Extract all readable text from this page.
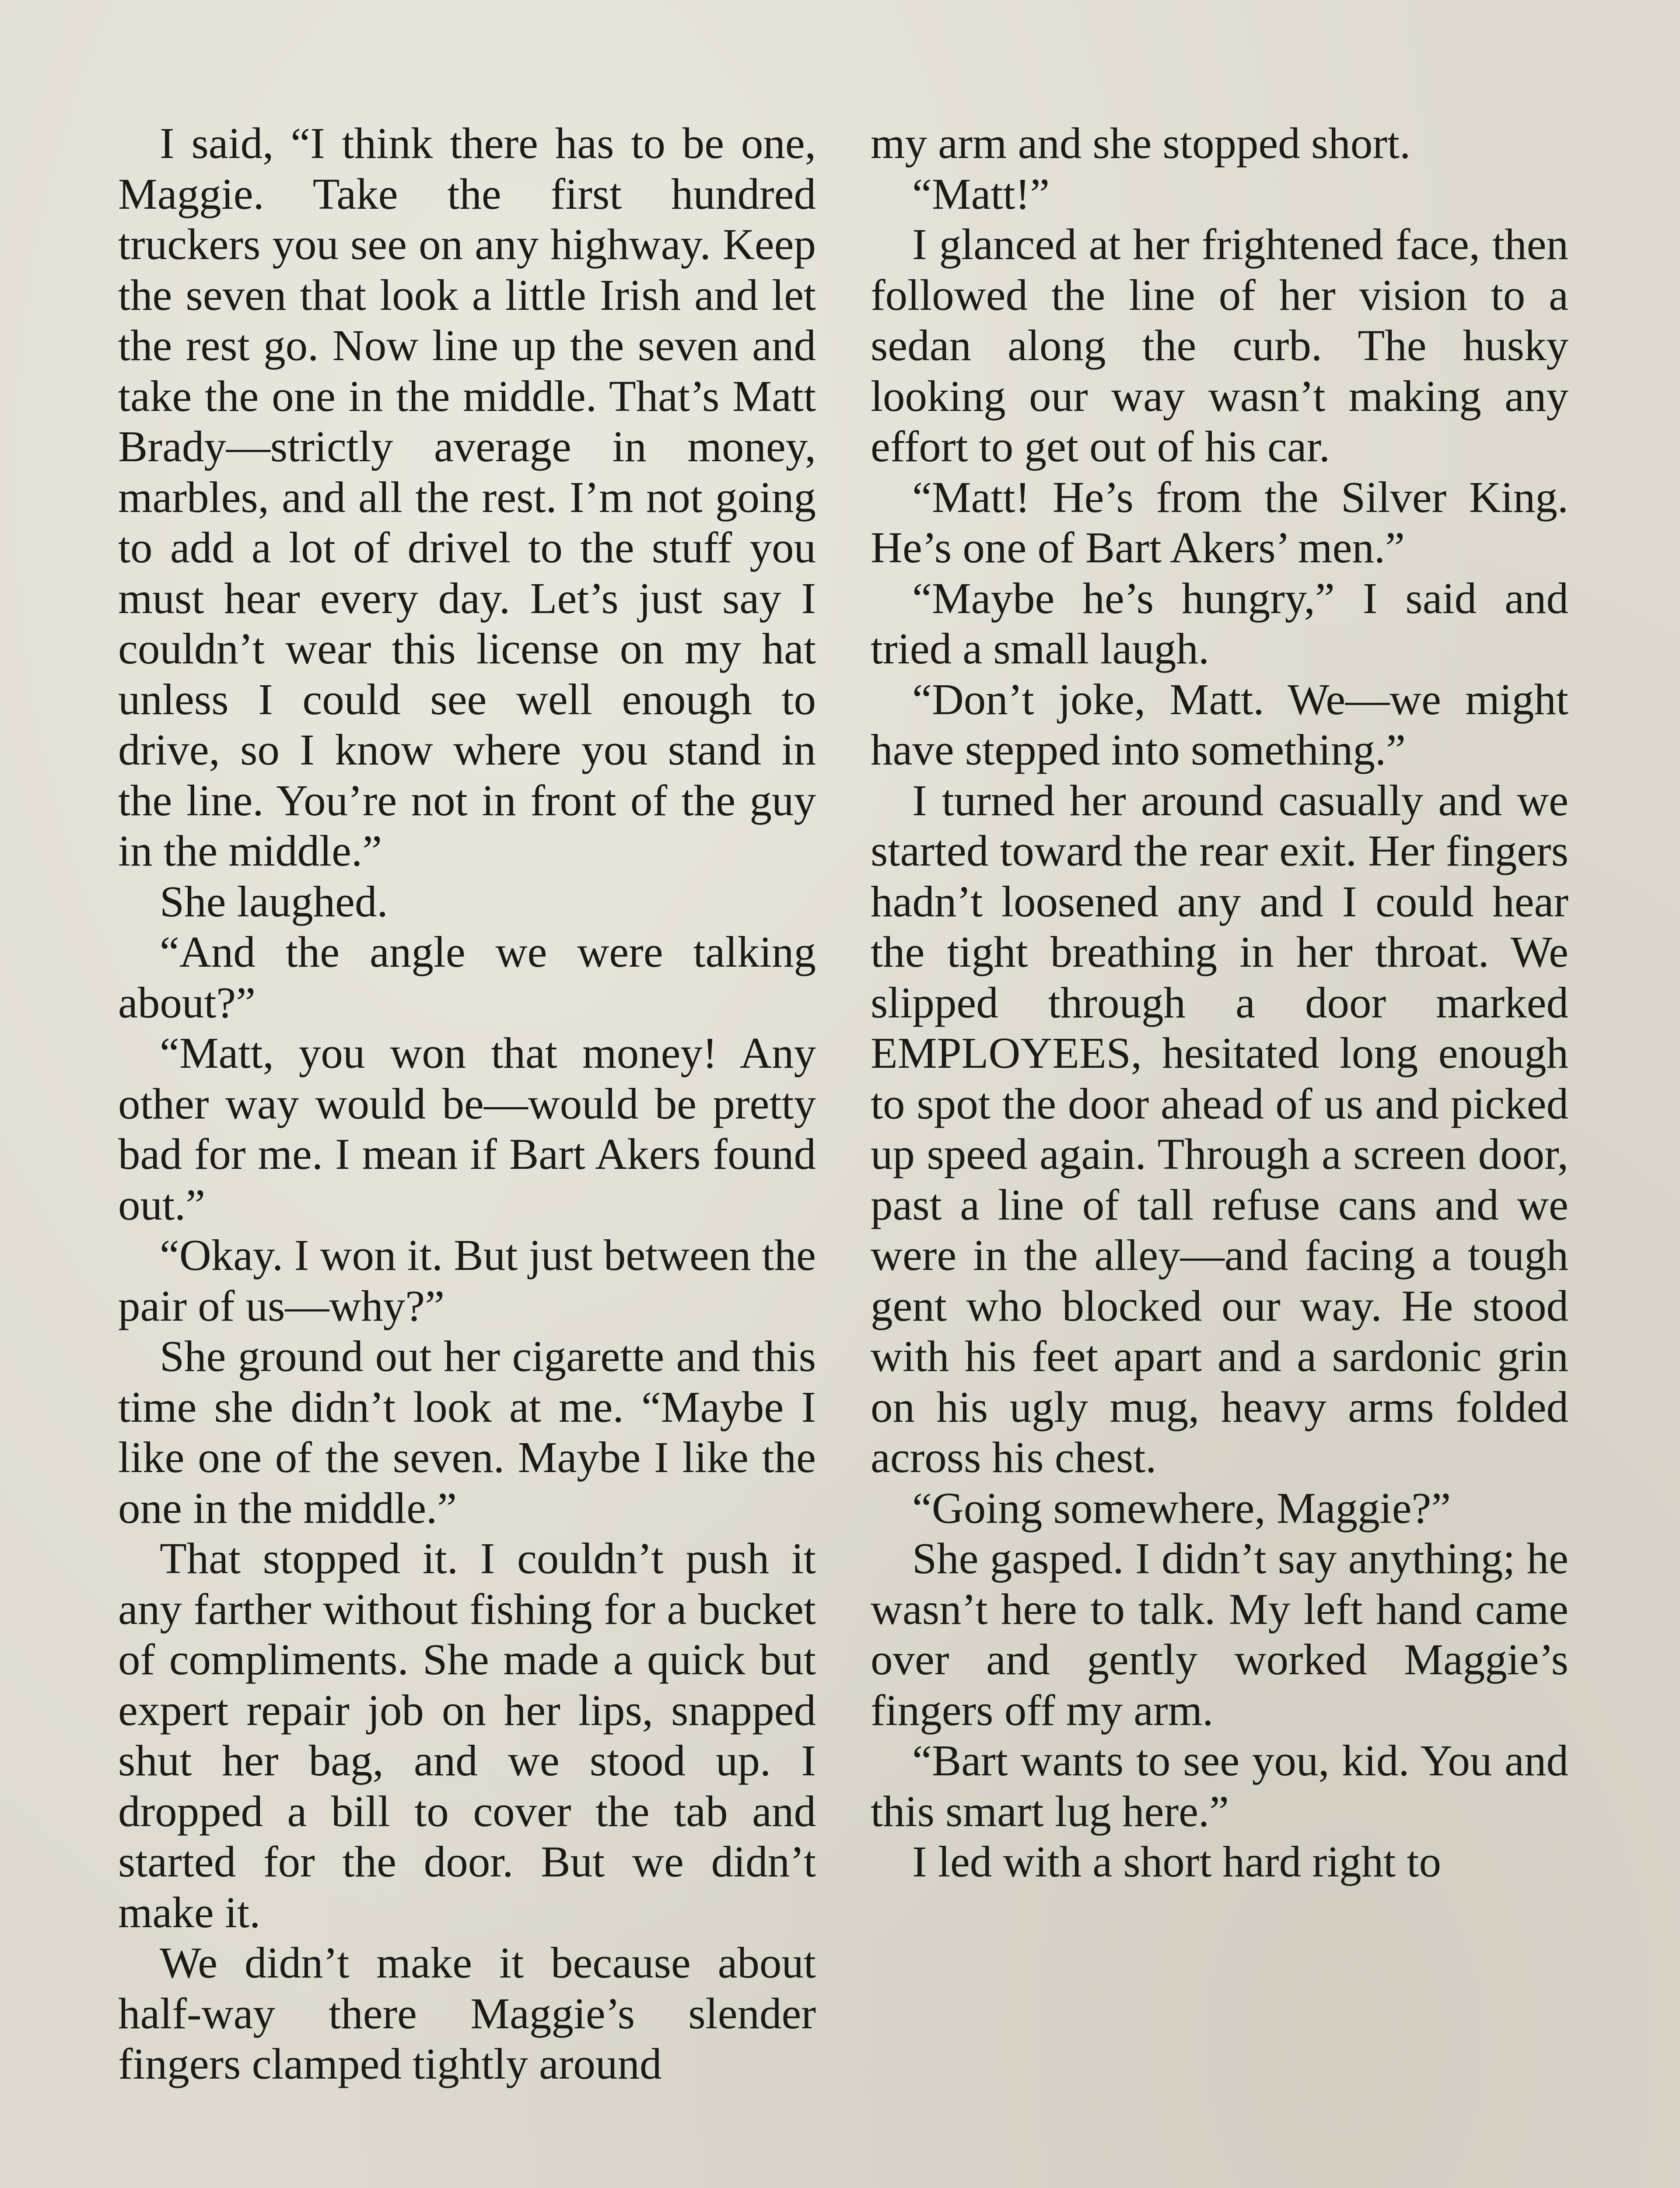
I said, “I think there has to be one, Maggie. Take the first hundred truckers you see on any highway. Keep the seven that look a little Irish and let the rest go. Now line up the seven and take the one in the middle. That’s Matt Brady—strictly average in money, marbles, and all the rest. I’m not going to add a lot of drivel to the stuff you must hear every day. Let’s just say I couldn’t wear this license on my hat unless I could see well enough to drive, so I know where you stand in the line. You’re not in front of the guy in the middle.”

She laughed.

“And the angle we were talking about?”

“Matt, you won that money! Any other way would be—would be pretty bad for me. I mean if Bart Akers found out.”

“Okay. I won it. But just between the pair of us—why?”

She ground out her cigarette and this time she didn’t look at me. “Maybe I like one of the seven. Maybe I like the one in the middle.”

That stopped it. I couldn’t push it any farther without fishing for a bucket of compliments. She made a quick but expert repair job on her lips, snapped shut her bag, and we stood up. I dropped a bill to cover the tab and started for the door. But we didn’t make it.

We didn’t make it because about half-way there Maggie’s slender fingers clamped tightly around

my arm and she stopped short.

“Matt!”

I glanced at her frightened face, then followed the line of her vision to a sedan along the curb. The husky looking our way wasn’t making any effort to get out of his car.

“Matt! He’s from the Silver King. He’s one of Bart Akers’ men.”

“Maybe he’s hungry,” I said and tried a small laugh.

“Don’t joke, Matt. We—we might have stepped into something.”

I turned her around casually and we started toward the rear exit. Her fingers hadn’t loosened any and I could hear the tight breathing in her throat. We slipped through a door marked EMPLOYEES, hesitated long enough to spot the door ahead of us and picked up speed again. Through a screen door, past a line of tall refuse cans and we were in the alley—and facing a tough gent who blocked our way. He stood with his feet apart and a sardonic grin on his ugly mug, heavy arms folded across his chest.

“Going somewhere, Maggie?”

She gasped. I didn’t say anything; he wasn’t here to talk. My left hand came over and gently worked Maggie’s fingers off my arm.

“Bart wants to see you, kid. You and this smart lug here.”

I led with a short hard right to
